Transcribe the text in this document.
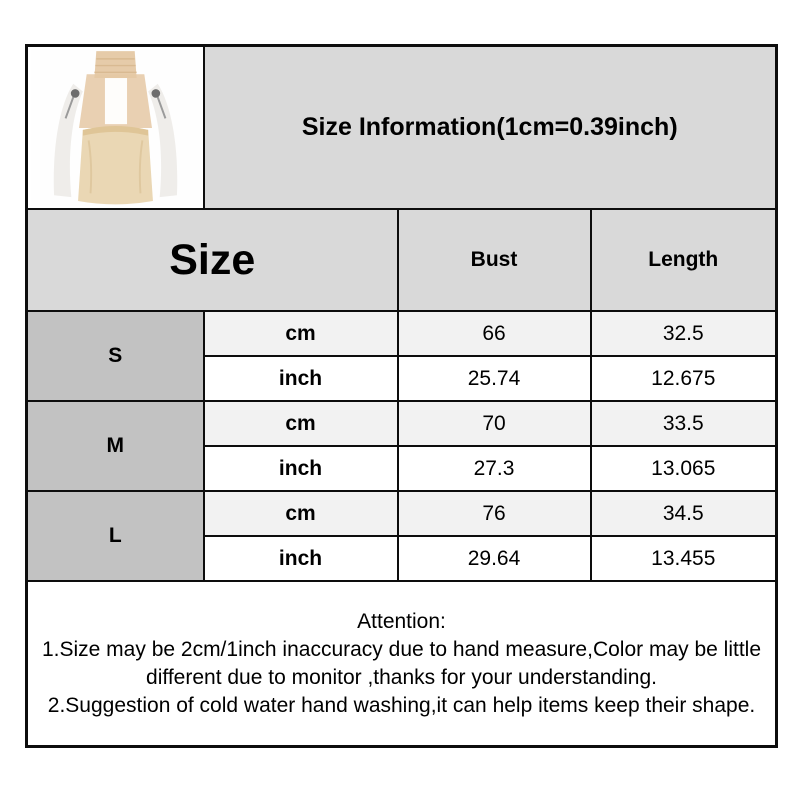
	Size Information(1cm=0.39inch)		
Size		Bust	Length
S	cm	66	32.5
	inch	25.74	12.675
M	cm	70	33.5
	inch	27.3	13.065
L	cm	76	34.5
	inch	29.64	13.455

Attention:

1.Size may be 2cm/1inch inaccuracy due to hand measure,Color may be little different due to monitor ,thanks for your understanding.

2.Suggestion of cold water hand washing,it can help items keep their shape.			
